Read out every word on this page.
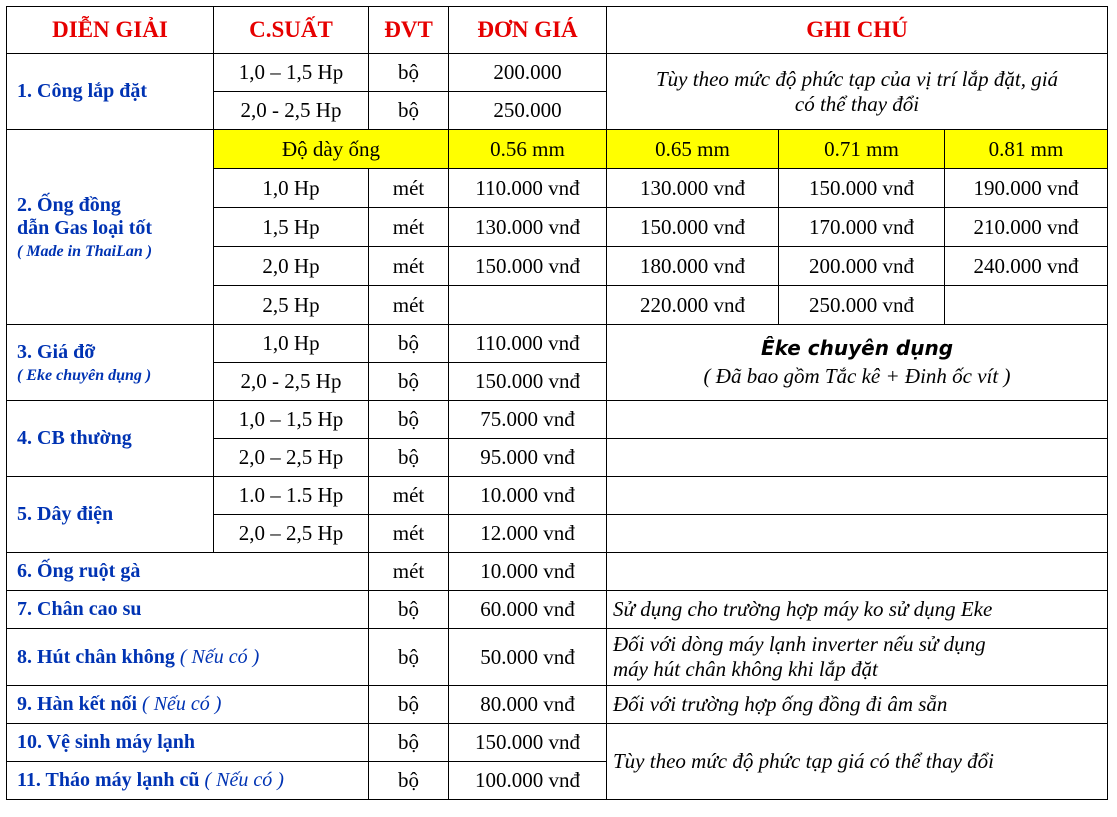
DIỄN GIẢI	C.SUẤT	ĐVT	ĐƠN GIÁ	GHI CHÚ		
1. Công lắp đặt	1,0 – 1,5 Hp	bộ	200.000	Tùy theo mức độ phức tạp của vị trí lắp đặt, giá
có thể thay đổi		
	2,0 - 2,5 Hp	bộ	250.000			
2. Ống đồng
dẫn Gas loại tốt
( Made in ThaiLan )	Độ dày ống		0.56 mm	0.65 mm	0.71 mm	0.81 mm
	1,0 Hp	mét	110.000 vnđ	130.000 vnđ	150.000 vnđ	190.000 vnđ
	1,5 Hp	mét	130.000 vnđ	150.000 vnđ	170.000 vnđ	210.000 vnđ
	2,0 Hp	mét	150.000 vnđ	180.000 vnđ	200.000 vnđ	240.000 vnđ
	2,5 Hp	mét		220.000 vnđ	250.000 vnđ	
3. Giá đỡ
( Eke chuyên dụng )	1,0 Hp	bộ	110.000 vnđ	Êke chuyên dụng
( Đã bao gồm Tắc kê + Đinh ốc vít )		

	2,0 - 2,5 Hp	bộ	150.000 vnđ			
4. CB thường	1,0 – 1,5 Hp	bộ	75.000 vnđ			
	2,0 – 2,5 Hp	bộ	95.000 vnđ			
5. Dây điện	1.0 – 1.5 Hp	mét	10.000 vnđ			
	2,0 – 2,5 Hp	mét	12.000 vnđ			
6. Ống ruột gà		mét	10.000 vnđ			
7. Chân cao su		bộ	60.000 vnđ	Sử dụng cho trường hợp máy ko sử dụng Eke		
8. Hút chân không ( Nếu có )		bộ	50.000 vnđ	Đối với dòng máy lạnh inverter nếu sử dụng
máy hút chân không khi lắp đặt		
9. Hàn kết nối ( Nếu có )		bộ	80.000 vnđ	Đối với trường hợp ống đồng đi âm sẵn		
10. Vệ sinh máy lạnh		bộ	150.000 vnđ	Tùy theo mức độ phức tạp giá có thể thay đổi		
11. Tháo máy lạnh cũ ( Nếu có )		bộ	100.000 vnđ			
